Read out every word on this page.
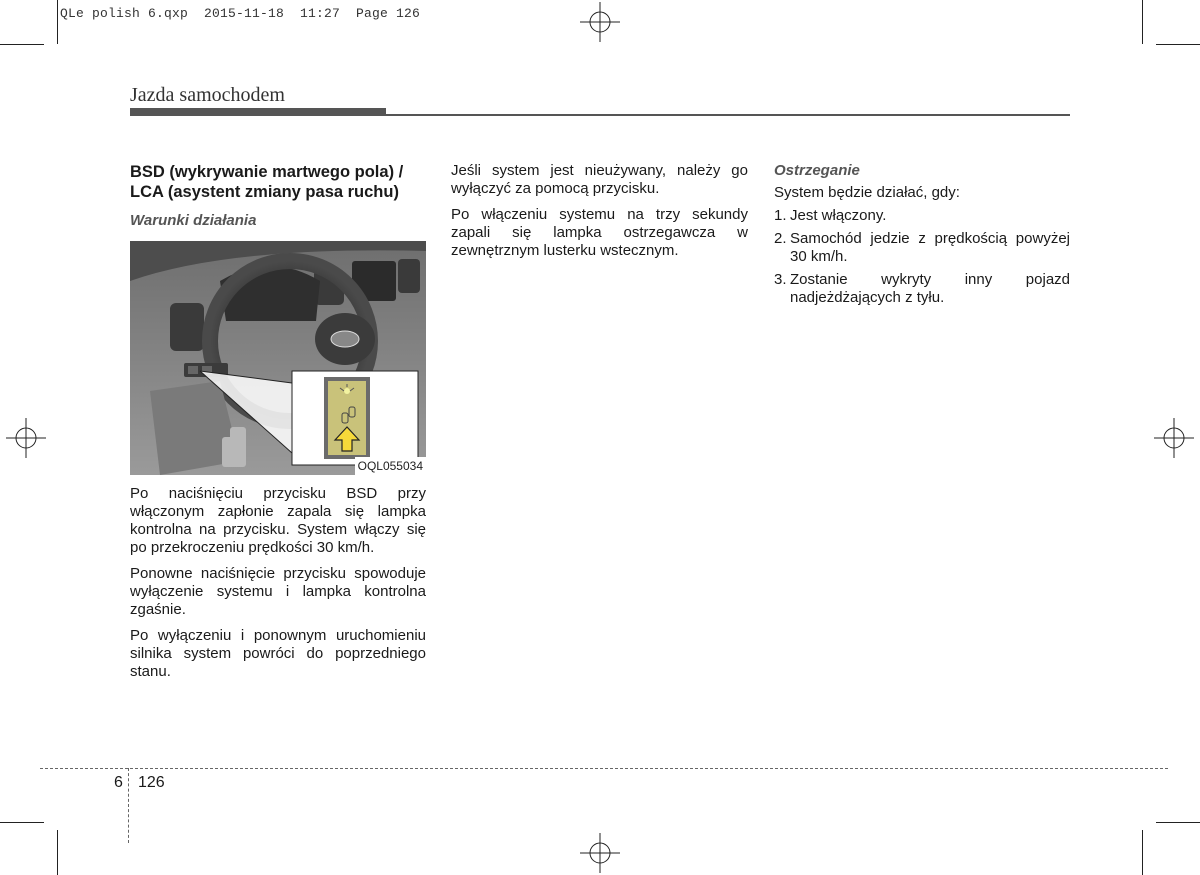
QLe polish 6.qxp  2015-11-18  11:27  Page 126
Jazda samochodem

BSD (wykrywanie martwego pola) / LCA (asystent zmiany pasa ruchu)

Warunki działania

OQL055034

Po naciśnięciu przycisku BSD przy włączonym zapłonie zapala się lampka kontrolna na przycisku. System włączy się po przekroczeniu prędkości 30 km/h.

Ponowne naciśnięcie przycisku spowoduje wyłączenie systemu i lampka kontrolna zgaśnie.

Po wyłączeniu i ponownym uruchomieniu silnika system powróci do poprzedniego stanu.

Jeśli system jest nieużywany, należy go wyłączyć za pomocą przycisku.

Po włączeniu systemu na trzy sekundy zapali się lampka ostrzegawcza w zewnętrznym lusterku wstecznym.

Ostrzeganie

System będzie działać, gdy:

1. Jest włączony.
2. Samochód jedzie z prędkością powyżej 30 km/h.
3. Zostanie wykryty inny pojazd nadjeżdżających z tyłu.
6 126
